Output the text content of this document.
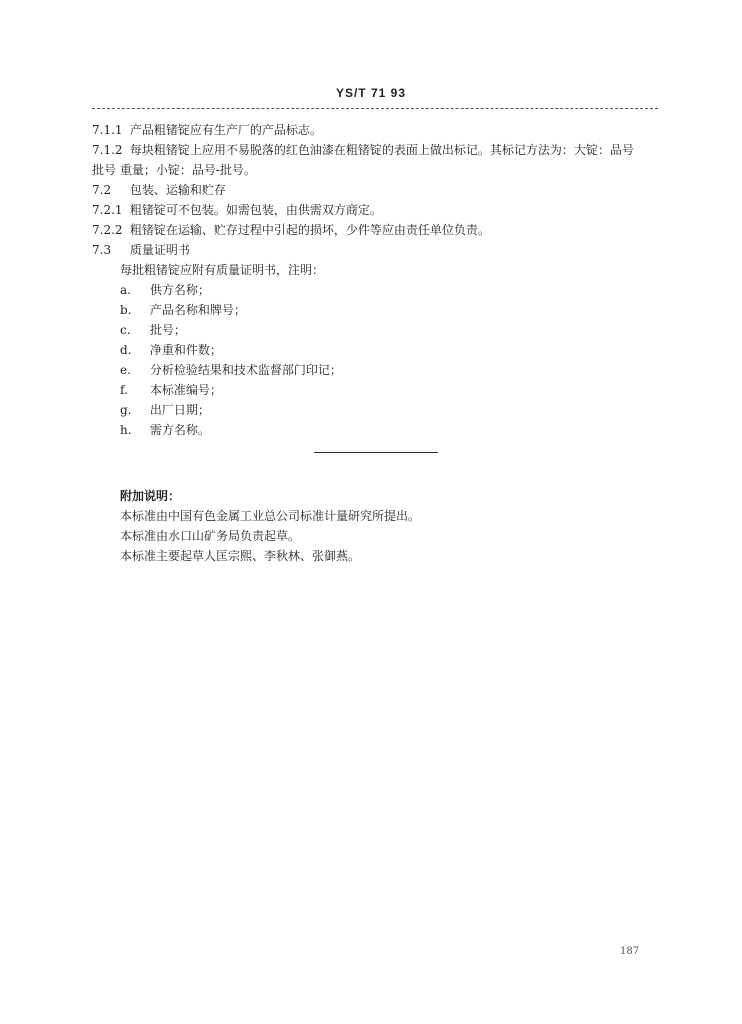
YS/T 71 93
7.1.1 产品粗锗锭应有生产厂的产品标志。
7.1.2 每块粗锗锭上应用不易脱落的红色油漆在粗锗锭的表面上做出标记。其标记方法为：大锭：品号
批号 重量；小锭：品号-批号。
7.2 包装、运输和贮存
7.2.1 粗锗锭可不包装。如需包装，由供需双方商定。
7.2.2 粗锗锭在运输、贮存过程中引起的损坏，少件等应由责任单位负责。
7.3 质量证明书
每批粗锗锭应附有质量证明书，注明：
a. 供方名称；
b. 产品名称和牌号；
c. 批号；
d. 净重和件数；
e. 分析检验结果和技术监督部门印记；
f. 本标准编号；
g. 出厂日期；
h. 需方名称。
附加说明：
本标准由中国有色金属工业总公司标准计量研究所提出。
本标准由水口山矿务局负责起草。
本标准主要起草人匡宗熙、李秋林、张御燕。
187
